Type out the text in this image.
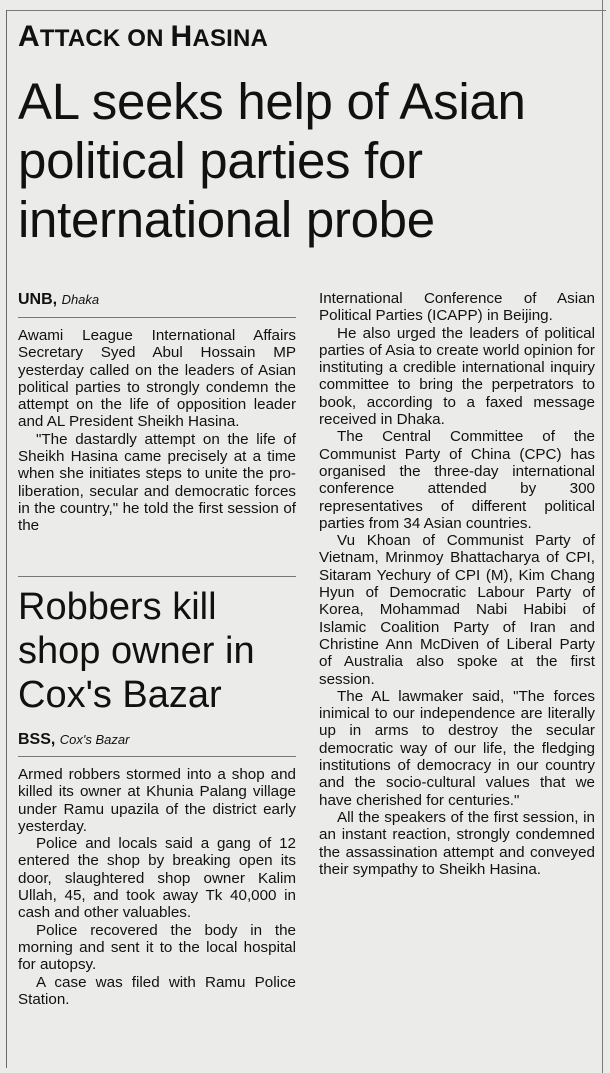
ATTACK ON HASINA
AL seeks help of Asian political parties for international probe
UNB, Dhaka

Awami League International Affairs Secretary Syed Abul Hossain MP yesterday called on the leaders of Asian political parties to strongly condemn the attempt on the life of opposition leader and AL President Sheikh Hasina.

"The dastardly attempt on the life of Sheikh Hasina came precisely at a time when she initiates steps to unite the pro-liberation, secular and democratic forces in the country," he told the first session of the

International Conference of Asian Political Parties (ICAPP) in Beijing.

He also urged the leaders of political parties of Asia to create world opinion for instituting a credible international inquiry committee to bring the perpetrators to book, according to a faxed message received in Dhaka.

The Central Committee of the Communist Party of China (CPC) has organised the three-day international conference attended by 300 representatives of different political parties from 34 Asian countries.

Vu Khoan of Communist Party of Vietnam, Mrinmoy Bhattacharya of CPI, Sitaram Yechury of CPI (M), Kim Chang Hyun of Democratic Labour Party of Korea, Mohammad Nabi Habibi of Islamic Coalition Party of Iran and Christine Ann McDiven of Liberal Party of Australia also spoke at the first session.

The AL lawmaker said, "The forces inimical to our independence are literally up in arms to destroy the secular democratic way of our life, the fledging institutions of democracy in our country and the socio-cultural values that we have cherished for centuries."

All the speakers of the first session, in an instant reaction, strongly condemned the assassination attempt and conveyed their sympathy to Sheikh Hasina.

Robbers kill shop owner in Cox's Bazar
BSS, Cox's Bazar

Armed robbers stormed into a shop and killed its owner at Khunia Palang village under Ramu upazila of the district early yesterday.

Police and locals said a gang of 12 entered the shop by breaking open its door, slaughtered shop owner Kalim Ullah, 45, and took away Tk 40,000 in cash and other valuables.

Police recovered the body in the morning and sent it to the local hospital for autopsy.

A case was filed with Ramu Police Station.
